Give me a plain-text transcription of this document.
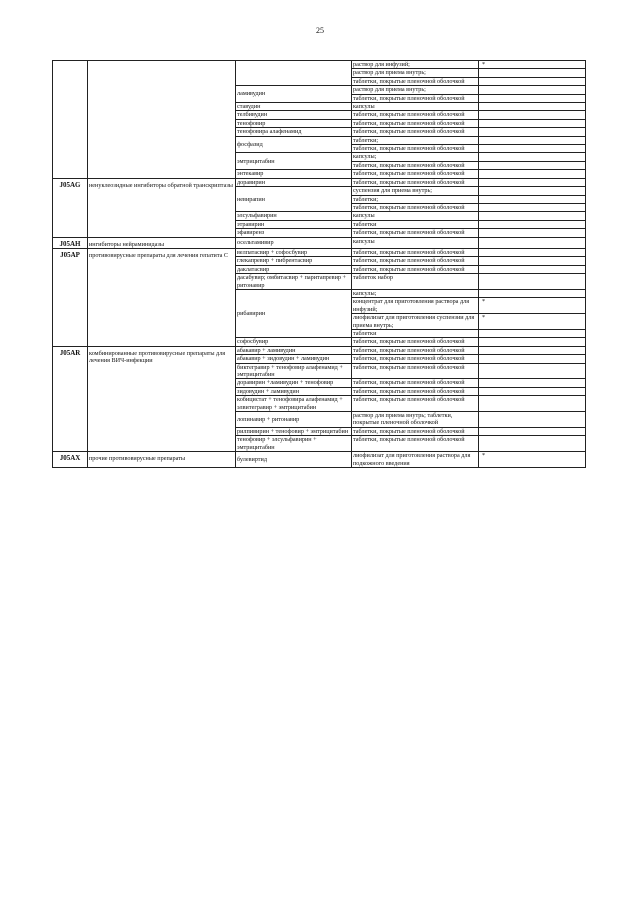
25
			раствор для инфузий;	*
			раствор для приема внутрь;	
			таблетки, покрытые пленочной оболочкой	
		ламивудин	раствор для приема внутрь;	
			таблетки, покрытые пленочной оболочкой	
		ставудин	капсулы	
		телбивудин	таблетки, покрытые пленочной оболочкой	
		тенофовир	таблетки, покрытые пленочной оболочкой	
		тенофовира алафенамид	таблетки, покрытые пленочной оболочкой	
		фосфазид	таблетки;	
			таблетки, покрытые пленочной оболочкой	
		эмтрицитабин	капсулы;	
			таблетки, покрытые пленочной оболочкой	
		энтекавир	таблетки, покрытые пленочной оболочкой	
J05AG	ненуклеозидные ингибиторы обратной транскриптазы	доравирин	таблетки, покрытые пленочной оболочкой	
		невирапин	суспензия для приема внутрь;	
			таблетки;	
			таблетки, покрытые пленочной оболочкой	
		элсульфавирин	капсулы	
		этравирин	таблетки	
		эфавиренз	таблетки, покрытые пленочной оболочкой	
J05AH	ингибиторы нейраминидазы	осельтамивир	капсулы	
J05AP	противовирусные препараты для лечения гепатита С	велпатасвир + софосбувир	таблетки, покрытые пленочной оболочкой	
		глекапревир + пибрентасвир	таблетки, покрытые пленочной оболочкой	
		даклатасвир	таблетки, покрытые пленочной оболочкой	
		дасабувир; омбитасвир + паритапревир + ритонавир	таблеток набор	
		рибавирин	капсулы;	
			концентрат для приготовления раствора для инфузий;	*
			лиофилизат для приготовления суспензии для приема внутрь;	*
			таблетки	
		софосбувир	таблетки, покрытые пленочной оболочкой	
J05AR	комбинированные противовирусные препараты для лечения ВИЧ-инфекции	абакавир + ламивудин	таблетки, покрытые пленочной оболочкой	
		абакавир + зидовудин + ламивудин	таблетки, покрытые пленочной оболочкой	
		биктегравир + тенофовир алафенамид + эмтрицитабин	таблетки, покрытые пленочной оболочкой	
		доравирин +ламивудин + тенофовир	таблетки, покрытые пленочной оболочкой	
		зидовудин + ламивудин	таблетки, покрытые пленочной оболочкой	
		кобицистат + тенофовира алафенамид + элвитегравир + эмтрицитабин	таблетки, покрытые пленочной оболочкой	
		лопинавир + ритонавир	раствор для приема внутрь; таблетки, покрытые пленочной оболочкой	
		рилпивирин + тенофовир + эмтрицитабин	таблетки, покрытые пленочной оболочкой	
		тенофовир + элсульфавирин + эмтрицитабин	таблетки, покрытые пленочной оболочкой	
J05AX	прочие противовирусные препараты	булевиртид	лиофилизат для приготовления раствора для подкожного введения	*
